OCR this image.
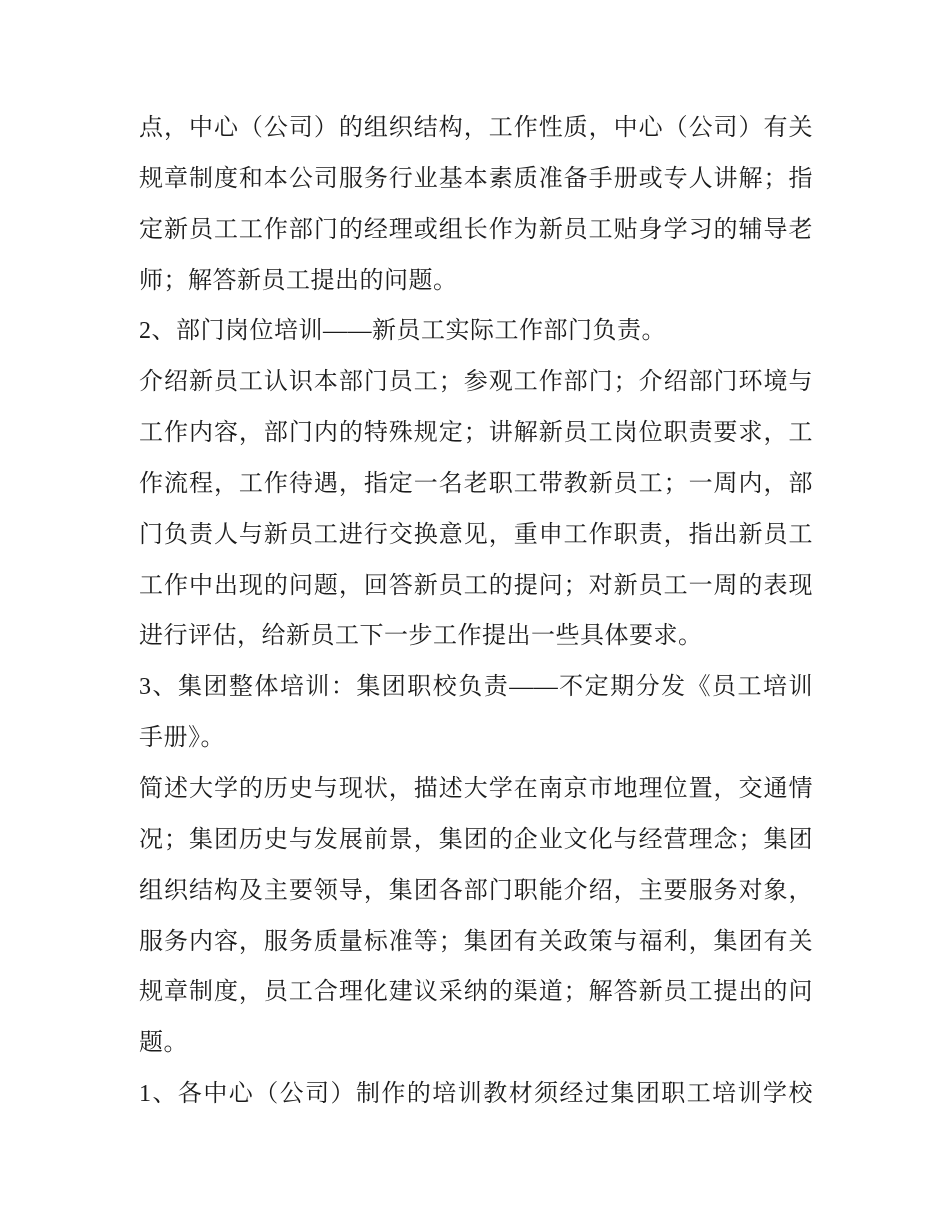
点，中心（公司）的组织结构，工作性质，中心（公司）有关
规章制度和本公司服务行业基本素质准备手册或专人讲解；指
定新员工工作部门的经理或组长作为新员工贴身学习的辅导老
师；解答新员工提出的问题。
2、部门岗位培训——新员工实际工作部门负责。
介绍新员工认识本部门员工；参观工作部门；介绍部门环境与
工作内容，部门内的特殊规定；讲解新员工岗位职责要求，工
作流程，工作待遇，指定一名老职工带教新员工；一周内，部
门负责人与新员工进行交换意见，重申工作职责，指出新员工
工作中出现的问题，回答新员工的提问；对新员工一周的表现
进行评估，给新员工下一步工作提出一些具体要求。
3、集团整体培训：集团职校负责——不定期分发《员工培训
手册》。
简述大学的历史与现状，描述大学在南京市地理位置，交通情
况；集团历史与发展前景，集团的企业文化与经营理念；集团
组织结构及主要领导，集团各部门职能介绍，主要服务对象，
服务内容，服务质量标准等；集团有关政策与福利，集团有关
规章制度，员工合理化建议采纳的渠道；解答新员工提出的问
题。
1、各中心（公司）制作的培训教材须经过集团职工培训学校
